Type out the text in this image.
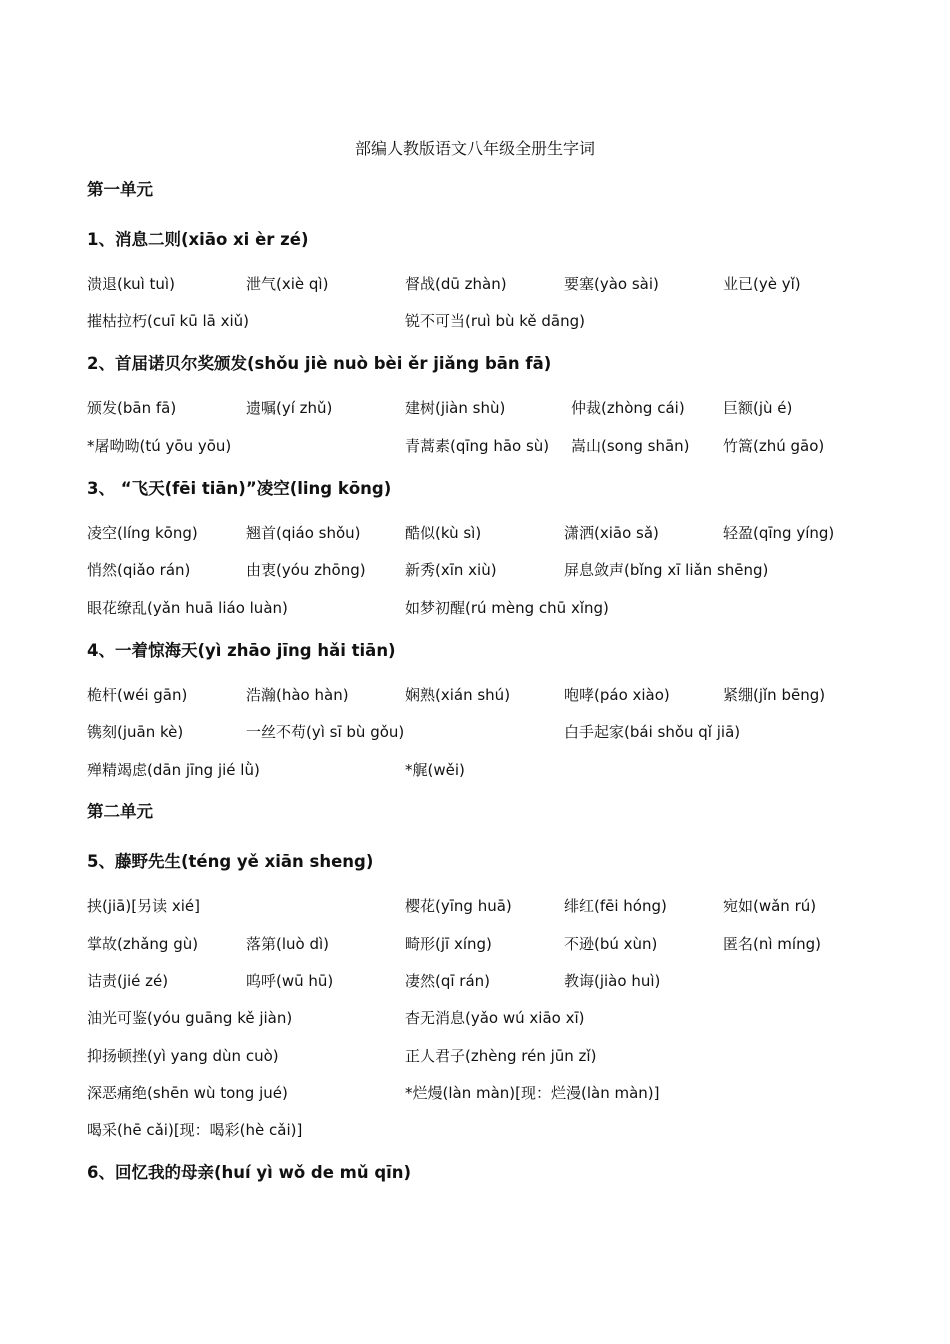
部编人教版语文八年级全册生字词
第一单元
1、消息二则(xiāo xi èr zé)
溃退(kuì tuì)	泄气(xiè qì)	督战(dū zhàn)	要塞(yào sài)	业已(yè yǐ)
摧枯拉朽(cuī kū lā xiǔ)	锐不可当(ruì bù kě dāng)
2、首届诺贝尔奖颁发(shǒu jiè nuò bèi ěr jiǎng bān fā)
颁发(bān fā)	遗嘱(yí zhǔ)	建树(jiàn shù)	仲裁(zhòng cái)	巨额(jù é)
*屠呦呦(tú yōu yōu)	青蒿素(qīng hāo sù) 嵩山(song shān) 竹篙(zhú gāo)
3、 “飞天(fēi tiān)”凌空(ling kōng)
凌空(líng kōng)	翘首(qiáo shǒu)	酷似(kù sì)	潇洒(xiāo sǎ)	轻盈(qīng yíng)
悄然(qiǎo rán)	由衷(yóu zhōng)	新秀(xīn xiù)	屏息敛声(bǐng xī liǎn shēng)
眼花缭乱(yǎn huā liáo luàn)	如梦初醒(rú mèng chū xǐng)
4、一着惊海天(yì zhāo jīng hǎi tiān)
桅杆(wéi gān)	浩瀚(hào hàn)	娴熟(xián shú)	咆哮(páo xiào)	紧绷(jǐn bēng)
镌刻(juān kè)	一丝不苟(yì sī bù gǒu)	白手起家(bái shǒu qǐ jiā)
殚精竭虑(dān jīng jié lǜ)	*艉(wěi)
第二单元
5、藤野先生(téng yě xiān sheng)
挟(jiā)[另读 xié]	樱花(yīng huā)	绯红(fēi hóng)	宛如(wǎn rú)
掌故(zhǎng gù)	落第(luò dì)	畸形(jī xíng)	不逊(bú xùn)	匿名(nì míng)
诘责(jié zé)	呜呼(wū hū)	凄然(qī rán)	教诲(jiào huì)
油光可鉴(yóu guāng kě jiàn)	杳无消息(yǎo wú xiāo xī)
抑扬顿挫(yì yang dùn cuò)	正人君子(zhèng rén jūn zǐ)
深恶痛绝(shēn wù tong jué)	*烂熳(làn màn)[现：烂漫(làn màn)]
喝采(hē cǎi)[现：喝彩(hè cǎi)]
6、回忆我的母亲(huí yì wǒ de mǔ qīn)
